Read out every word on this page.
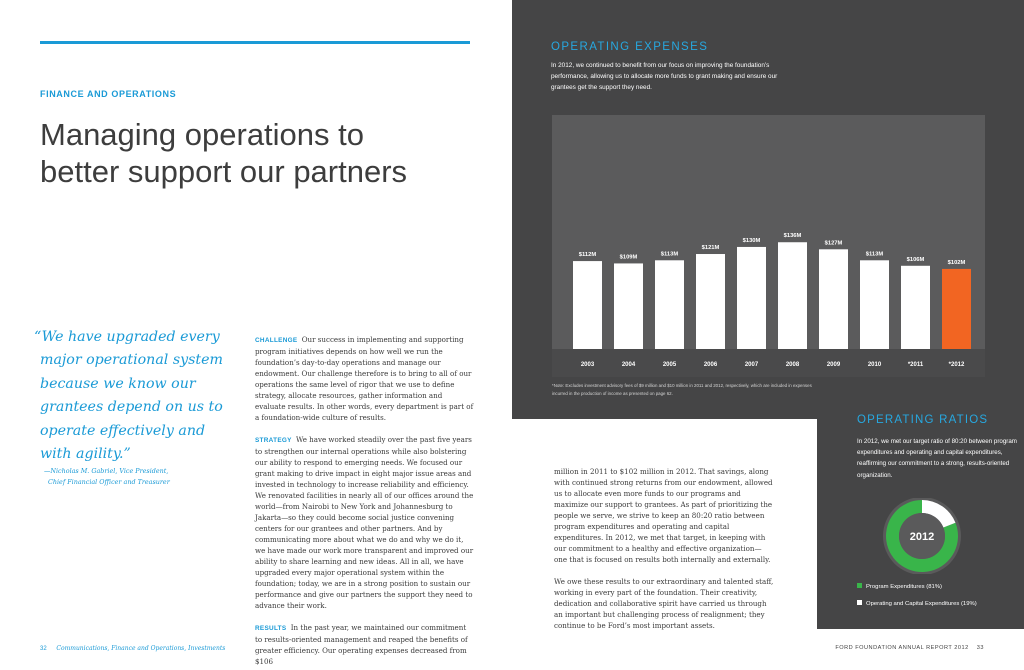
FINANCE AND OPERATIONS
Managing operations to
better support our partners
“We have upgraded every
major operational system
because we know our
grantees depend on us to
operate effectively and
with agility.”
—Nicholas M. Gabriel, Vice President,
Chief Financial Officer and Treasurer

CHALLENGE Our success in implementing and supporting program initiatives depends on how well we run the foundation’s day-to-day operations and manage our endowment. Our challenge therefore is to bring to all of our operations the same level of rigor that we use to define strategy, allocate resources, gather information and evaluate results. In other words, every department is part of a foundation-wide culture of results.

STRATEGY We have worked steadily over the past five years to strengthen our internal operations while also bolstering our ability to respond to emerging needs. We focused our grant making to drive impact in eight major issue areas and invested in technology to increase reliability and efficiency. We renovated facilities in nearly all of our offices around the world—from Nairobi to New York and Johannesburg to Jakarta—so they could become social justice convening centers for our grantees and other partners. And by communicating more about what we do and why we do it, we have made our work more transparent and improved our ability to share learning and new ideas. All in all, we have upgraded every major operational system within the foundation; today, we are in a strong position to sustain our performance and give our partners the support they need to advance their work.

RESULTS In the past year, we maintained our commitment to results-oriented management and reaped the benefits of greater efficiency. Our operating expenses decreased from $106

million in 2011 to $102 million in 2012. That savings, along with continued strong returns from our endowment, allowed us to allocate even more funds to our programs and maximize our support to grantees. As part of prioritizing the people we serve, we strive to keep an 80:20 ratio between program expenditures and operating and capital expenditures. In 2012, we met that target, in keeping with our commitment to a healthy and effective organization—one that is focused on results both internally and externally.

We owe these results to our extraordinary and talented staff, working in every part of the foundation. Their creativity, dedication and collaborative spirit have carried us through an important but challenging process of realignment; they continue to be Ford’s most important assets.

32 Communications, Finance and Operations, Investments	FORD FOUNDATION ANNUAL REPORT 2012 33
OPERATING EXPENSES
In 2012, we continued to benefit from our focus on improving the foundation’s performance, allowing us to allocate more funds to grant making and ensure our grantees get the support they need.
$112M
2003
$109M
2004
$113M
2005
$121M
2006
$130M
2007
$136M
2008
$127M
2009
$113M
2010
$106M
*2011
$102M
*2012
*Note: Excludes investment advisory fees of $9 million and $10 million in 2011 and 2012, respectively, which are included in expenses incurred in the production of income as presented on page 62.
OPERATING RATIOS
In 2012, we met our target ratio of 80:20 between program expenditures and operating and capital expenditures, reaffirming our commitment to a strong, results-oriented organization.
2012
Program Expenditures (81%)
Operating and Capital Expenditures (19%)
